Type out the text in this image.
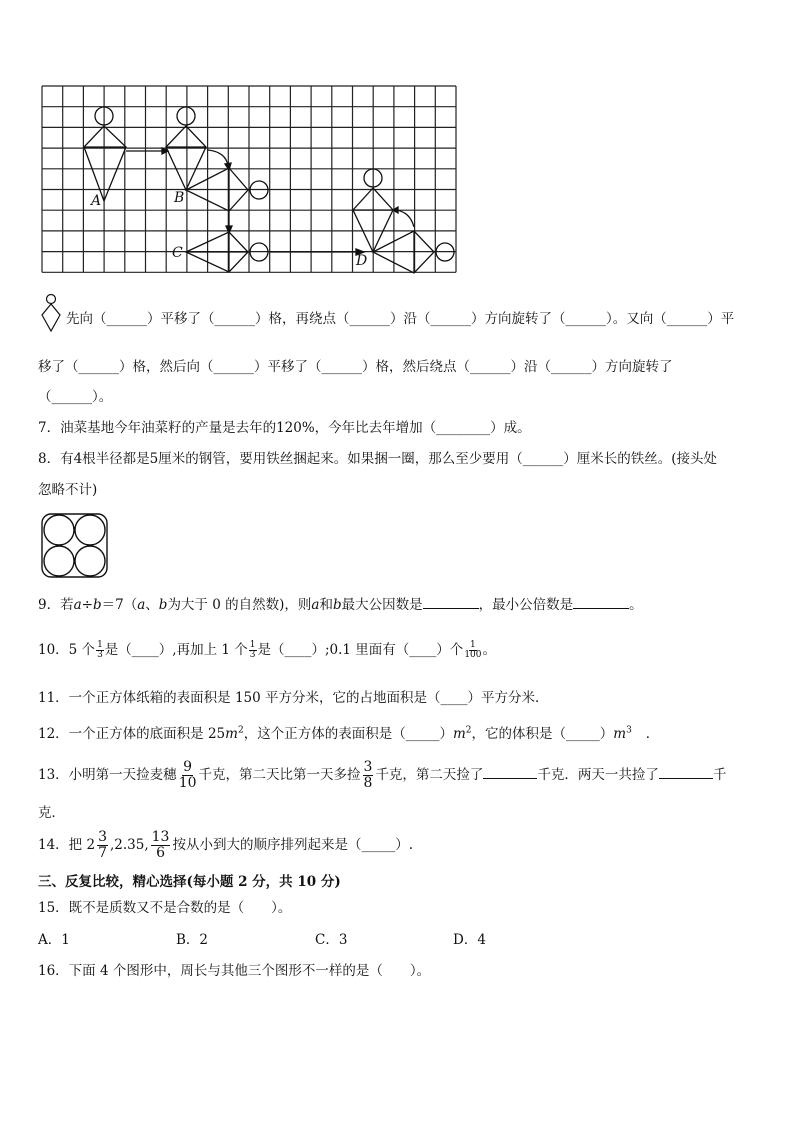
A	B
C	D
先向（______）平移了（______）格，再绕点（______）沿（______）方向旋转了（______）。又向（______）平
移了（______）格，然后向（______）平移了（______）格，然后绕点（______）沿（______）方向旋转了
（______）。
7．油菜基地今年油菜籽的产量是去年的120%，今年比去年增加（________）成。
8．有4根半径都是5厘米的钢管，要用铁丝捆起来。如果捆一圈，那么至少要用（______）厘米长的铁丝。(接头处
忽略不计)
9．若a÷b＝7（a、b为大于 0 的自然数)，则a和b最大公因数是	，最小公倍数是	。
10．5 个 $\frac{1}{3}$ 是（____）,再加上 1 个 $\frac{1}{3}$ 是（____）;0.1 里面有（____）个 $\frac{1}{100}$ 。
11．一个正方体纸箱的表面积是 150 平方分米，它的占地面积是（____）平方分米．
12．一个正方体的底面积是 $25m^2$，这个正方体的表面积是$(\_\_\_\_\_)m^2$，它的体积是$(\_\_\_\_\_)m^3$ ．
13．小明第一天捡麦穗 $\frac{9}{10}$ 千克，第二天比第一天多捡 $\frac{3}{8}$ 千克，第二天捡了	千克．两天一共捡了	千
克．
14．把 $2 \frac{3}{7} ,2.35$, $\frac{13}{6}$ 按从小到大的顺序排列起来是（_____）.
三、反复比较，精心选择(每小题 2 分，共 10 分)
15．既不是质数又不是合数的是（　　）。
A．1	B．2	C．3	D．4
16．下面 4 个图形中，周长与其他三个图形不一样的是（　　）。
